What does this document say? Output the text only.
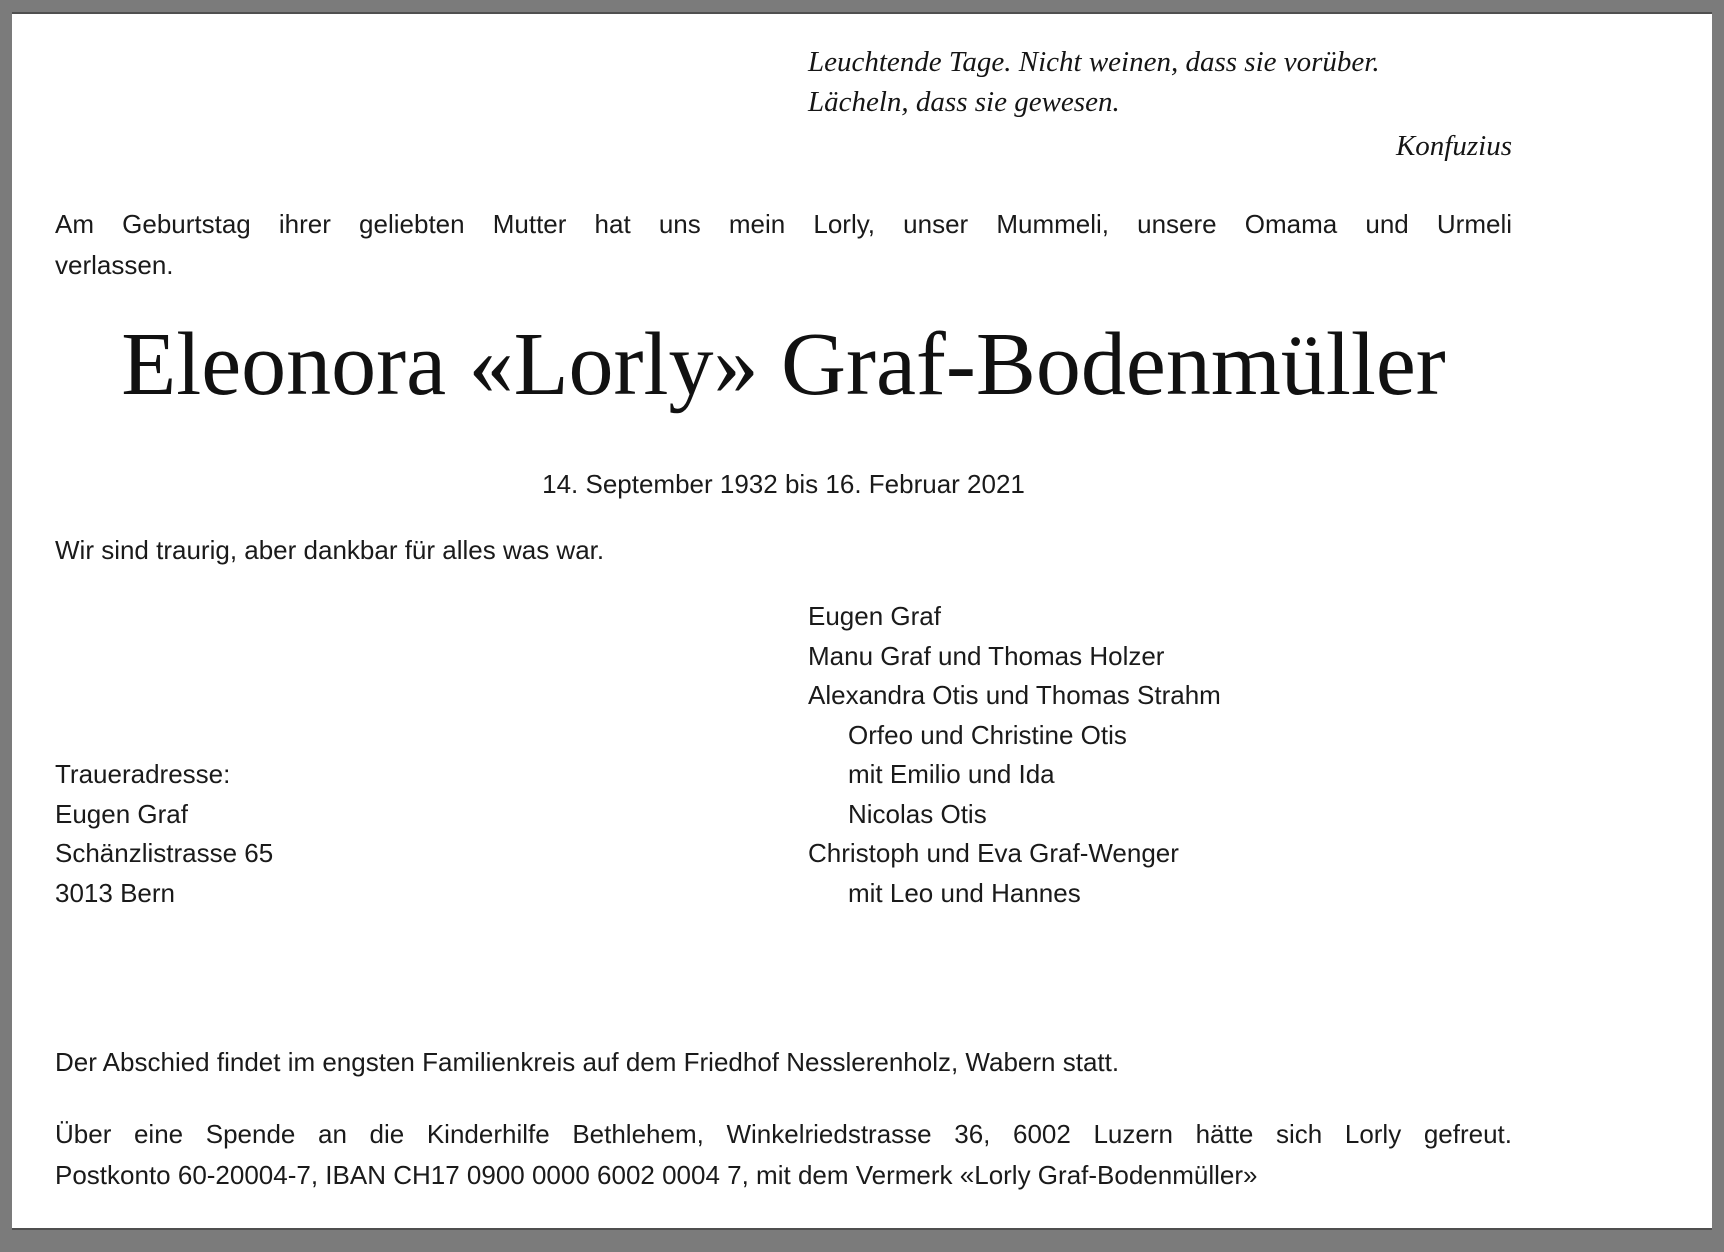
Leuchtende Tage. Nicht weinen, dass sie vorüber.
Lächeln, dass sie gewesen.
Konfuzius
Am Geburtstag ihrer geliebten Mutter hat uns mein Lorly, unser Mummeli, unsere Omama und Urmeli
verlassen.
Eleonora «Lorly» Graf-Bodenmüller
14. September 1932 bis 16. Februar 2021
Wir sind traurig, aber dankbar für alles was war.
Eugen Graf
Manu Graf und Thomas Holzer
Alexandra Otis und Thomas Strahm
Orfeo und Christine Otis
mit Emilio und Ida
Nicolas Otis
Christoph und Eva Graf-Wenger
mit Leo und Hannes
Traueradresse:
Eugen Graf
Schänzlistrasse 65
3013 Bern
Der Abschied findet im engsten Familienkreis auf dem Friedhof Nesslerenholz, Wabern statt.
Über eine Spende an die Kinderhilfe Bethlehem, Winkelriedstrasse 36, 6002 Luzern hätte sich Lorly gefreut.
Postkonto 60-20004-7, IBAN CH17 0900 0000 6002 0004 7, mit dem Vermerk «Lorly Graf-Bodenmüller»
